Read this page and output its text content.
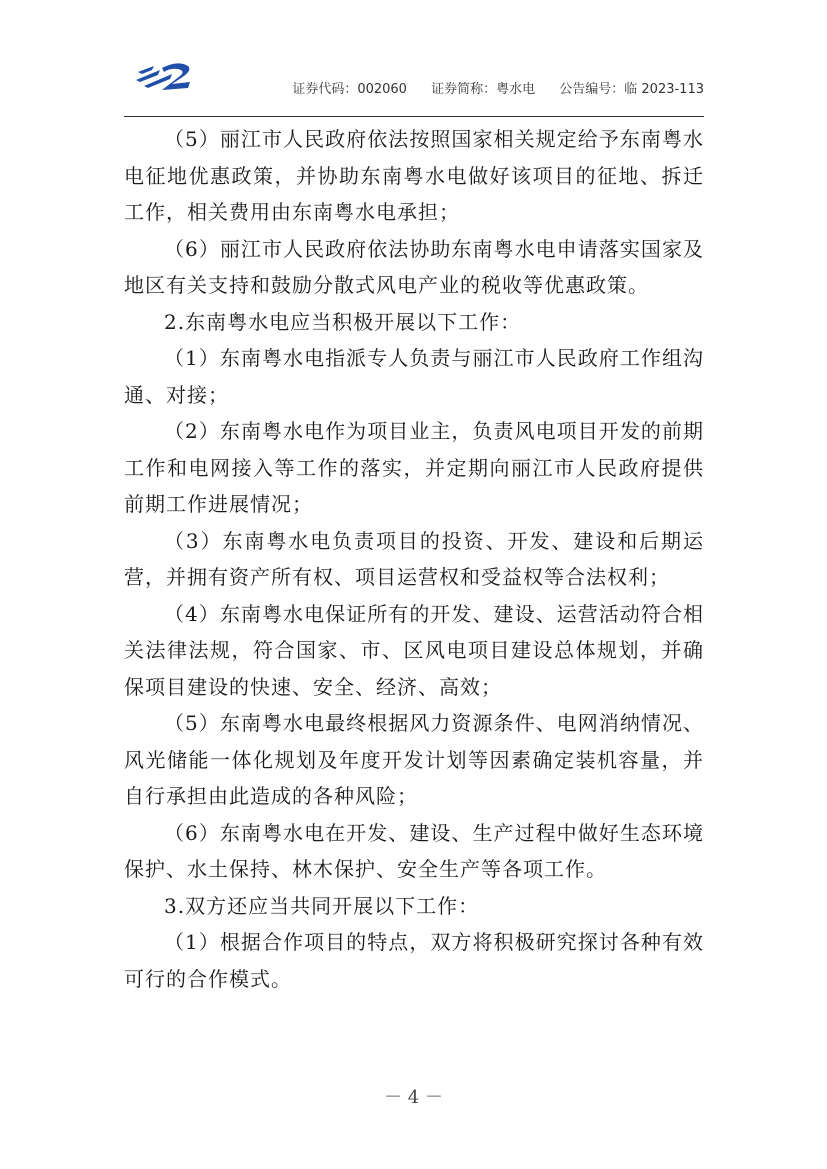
证券代码：002060 证券简称：粤水电 公告编号：临 2023-113

（5）丽江市人民政府依法按照国家相关规定给予东南粤水电征地优惠政策，并协助东南粤水电做好该项目的征地、拆迁工作，相关费用由东南粤水电承担；

（6）丽江市人民政府依法协助东南粤水电申请落实国家及地区有关支持和鼓励分散式风电产业的税收等优惠政策。

2.东南粤水电应当积极开展以下工作：

（1）东南粤水电指派专人负责与丽江市人民政府工作组沟通、对接；

（2）东南粤水电作为项目业主，负责风电项目开发的前期工作和电网接入等工作的落实，并定期向丽江市人民政府提供前期工作进展情况；

（3）东南粤水电负责项目的投资、开发、建设和后期运营，并拥有资产所有权、项目运营权和受益权等合法权利；

（4）东南粤水电保证所有的开发、建设、运营活动符合相关法律法规，符合国家、市、区风电项目建设总体规划，并确保项目建设的快速、安全、经济、高效；

（5）东南粤水电最终根据风力资源条件、电网消纳情况、风光储能一体化规划及年度开发计划等因素确定装机容量，并自行承担由此造成的各种风险；

（6）东南粤水电在开发、建设、生产过程中做好生态环境保护、水土保持、林木保护、安全生产等各项工作。

3.双方还应当共同开展以下工作：

（1）根据合作项目的特点，双方将积极研究探讨各种有效可行的合作模式。

－ 4 －
